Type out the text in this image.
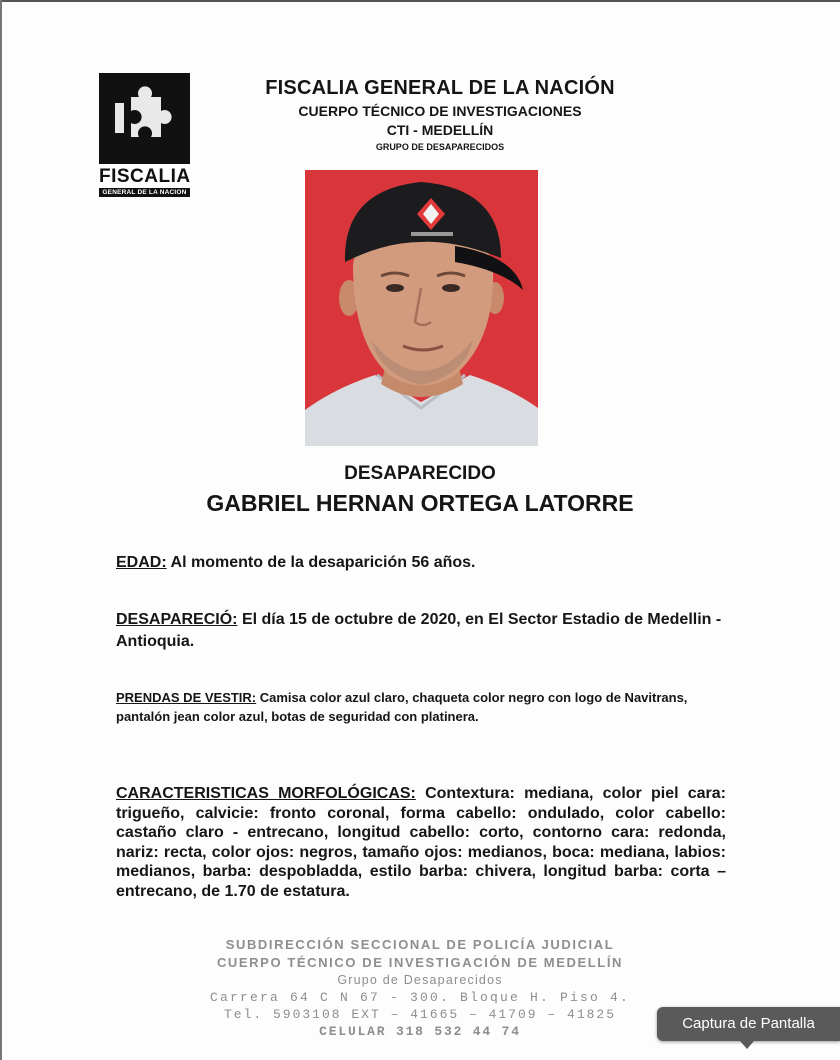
FISCALIA
GENERAL DE LA NACION
FISCALIA GENERAL DE LA NACIÓN
CUERPO TÉCNICO DE INVESTIGACIONES
CTI - MEDELLÍN
GRUPO DE DESAPARECIDOS
DESAPARECIDO
GABRIEL HERNAN ORTEGA LATORRE
EDAD: Al momento de la desaparición 56 años.
DESAPARECIÓ: El día 15 de octubre de 2020, en El Sector Estadio de Medellin - Antioquia.
PRENDAS DE VESTIR: Camisa color azul claro, chaqueta color negro con logo de Navitrans, pantalón jean color azul, botas de seguridad con platinera.
CARACTERISTICAS MORFOLÓGICAS: Contextura: mediana, color piel cara: trigueño, calvicie: fronto coronal, forma cabello: ondulado, color cabello: castaño claro - entrecano, longitud cabello: corto, contorno cara: redonda, nariz: recta, color ojos: negros, tamaño ojos: medianos, boca: mediana, labios: medianos, barba: despobladda, estilo barba: chivera, longitud barba: corta – entrecano, de 1.70 de estatura.
SUBDIRECCIÓN SECCIONAL DE POLICÍA JUDICIAL
CUERPO TÉCNICO DE INVESTIGACIÓN DE MEDELLÍN
Grupo de Desaparecidos
Carrera 64 C N 67 - 300. Bloque H. Piso 4.
Tel. 5903108 EXT – 41665 – 41709 – 41825
CELULAR 318 532 44 74	Captura de Pantalla
